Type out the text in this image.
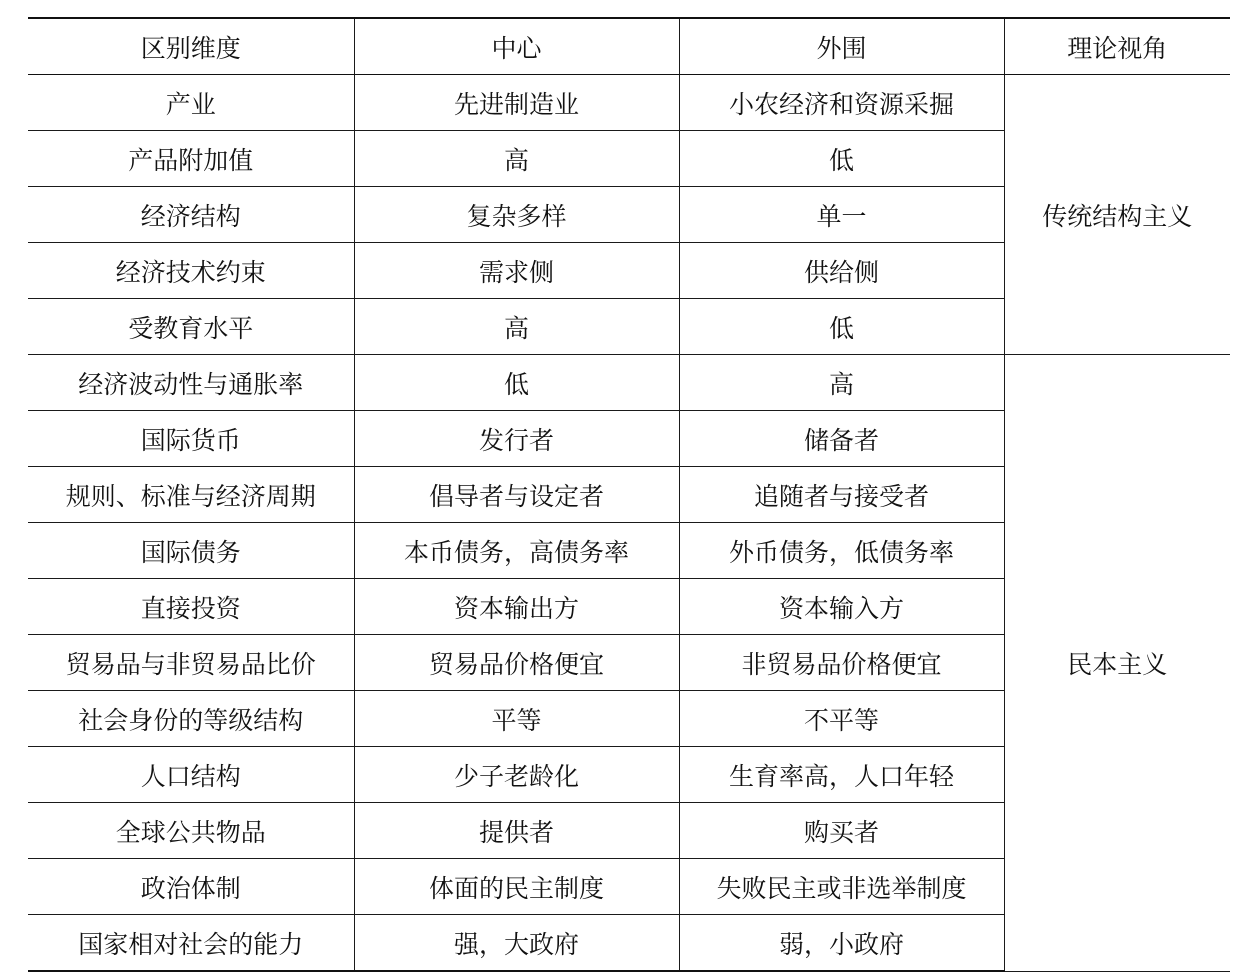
区别维度	中心	外围	理论视角
产业	先进制造业	小农经济和资源采掘	传统结构主义
产品附加值	高	低	
经济结构	复杂多样	单一	
经济技术约束	需求侧	供给侧	
受教育水平	高	低	
经济波动性与通胀率	低	高	民本主义
国际货币	发行者	储备者	
规则、标准与经济周期	倡导者与设定者	追随者与接受者	
国际债务	本币债务，高债务率	外币债务，低债务率	
直接投资	资本输出方	资本输入方	
贸易品与非贸易品比价	贸易品价格便宜	非贸易品价格便宜	
社会身份的等级结构	平等	不平等	
人口结构	少子老龄化	生育率高，人口年轻	
全球公共物品	提供者	购买者	
政治体制	体面的民主制度	失败民主或非选举制度	
国家相对社会的能力	强，大政府	弱，小政府	
